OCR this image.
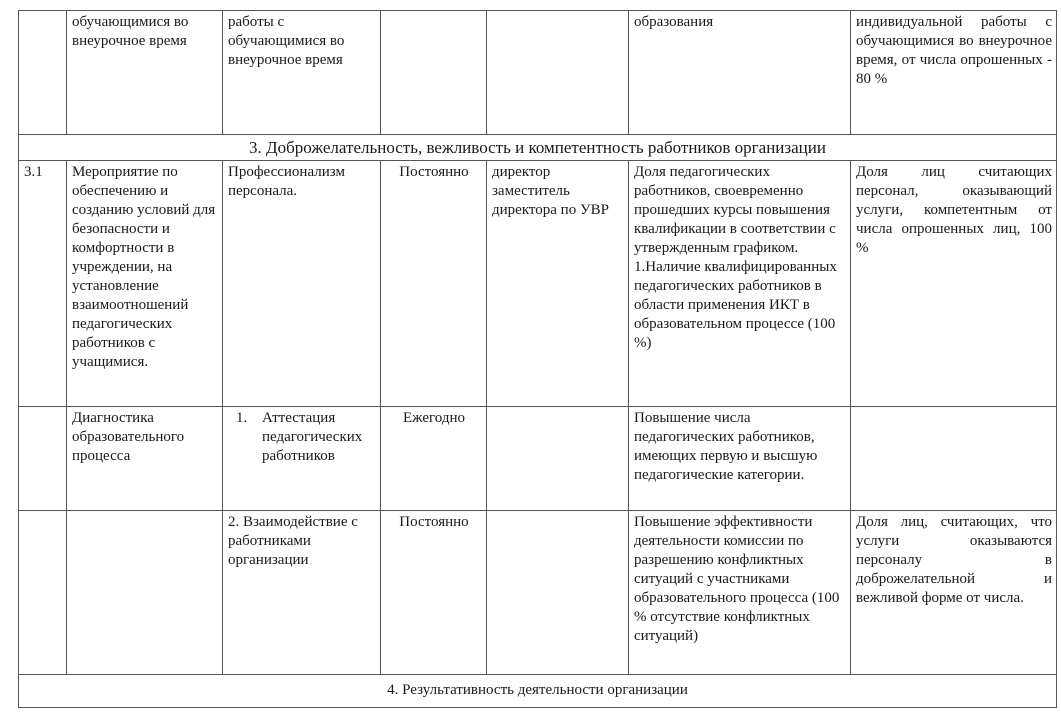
	обучающимися во внеурочное время	работы с обучающимися во внеурочное время			образования	индивидуальной работы с обучающимися во внеурочное время, от числа опрошенных - 80 %
3. Доброжелательность, вежливость и компетентность работников организации						
3.1	Мероприятие по обеспечению и созданию условий для безопасности и комфортности в учреждении, на установление взаимоотношений педагогических работников с учащимися.	Профессионализм персонала.	Постоянно	директор заместитель директора по УВР	Доля педагогических работников, своевременно прошедших курсы повышения квалификации в соответствии с утвержденным графиком. 1.Наличие квалифицированных педагогических работников в области применения ИКТ в образовательном процессе (100 %)	Доля лиц считающих персонал, оказывающий услуги, компетентным от числа опрошенных лиц, 100 %
	Диагностика образовательного процесса	1. Аттестация педагогических работников	Ежегодно		Повышение числа педагогических работников, имеющих первую и высшую педагогические категории.	
		2. Взаимодействие с работниками организации	Постоянно		Повышение эффективности деятельности комиссии по разрешению конфликтных ситуаций с участниками образовательного процесса (100 % отсутствие конфликтных ситуаций)	Доля лиц, считающих, что услуги оказываются персоналу в доброжелательной и вежливой форме от числа.
4. Результативность деятельности организации						
